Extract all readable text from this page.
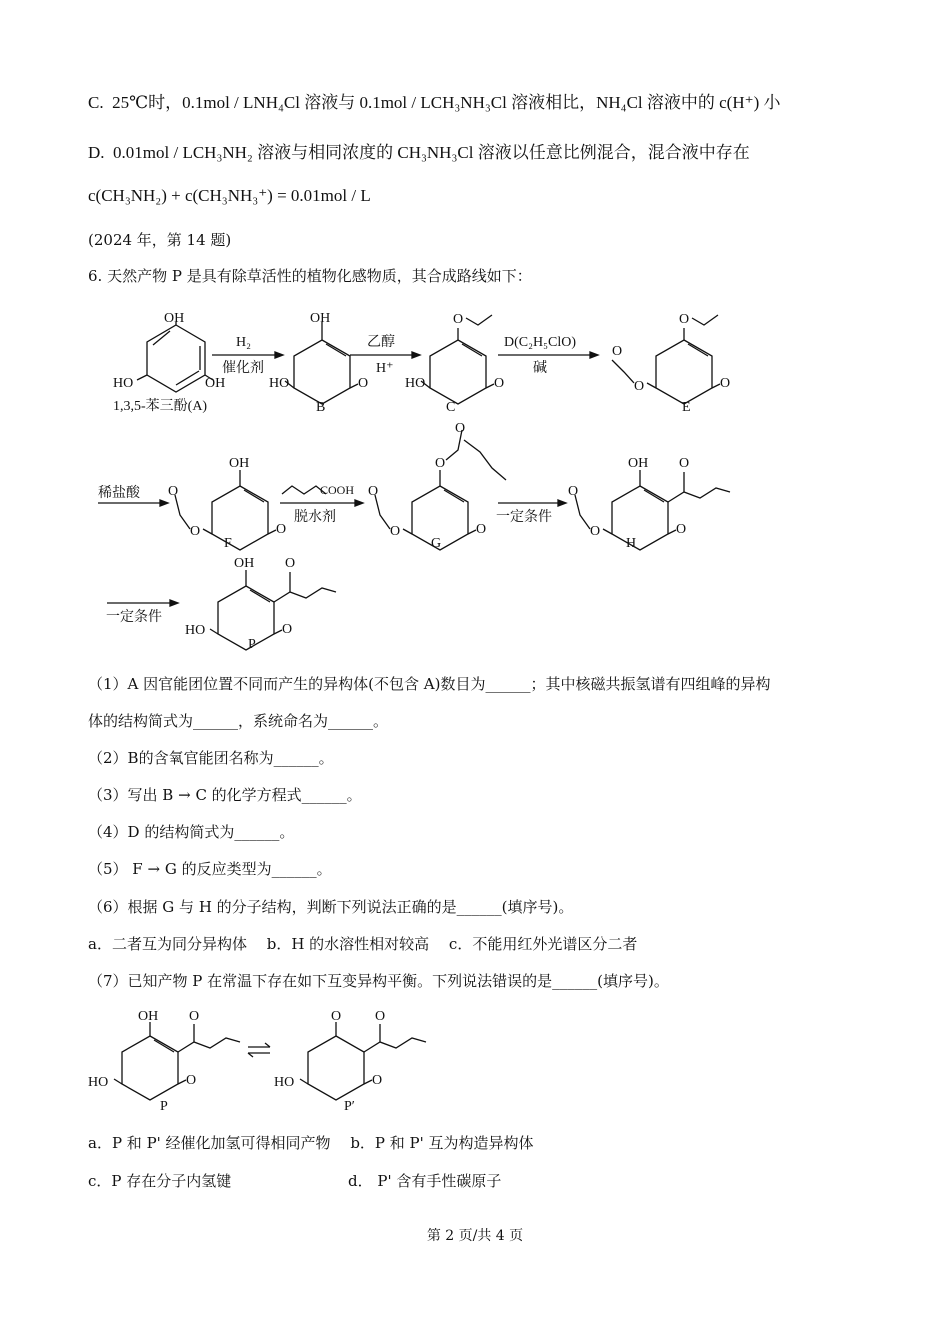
C. 25℃时，0.1mol / LNH₄Cl 溶液与 0.1mol / LCH₃NH₃Cl 溶液相比，NH₄Cl 溶液中的 c(H⁺) 小
D. 0.01mol / LCH₃NH₂ 溶液与相同浓度的 CH₃NH₃Cl 溶液以任意比例混合，混合液中存在
c(CH₃NH₂) + c(CH₃NH₃⁺) = 0.01mol / L
(2024 年，第 14 题)
6. 天然产物 P 是具有除草活性的植物化感物质，其合成路线如下：
OH
HO	OH
1,3,5-苯三酚(A)
H₂
催化剂
OH
HO	O
B
乙醇
H⁺
O
HO	O
C
D(C₂H₅ClO)
碱
O
O
O	O
E
稀盐酸
OH
O
O	O
F
COOH
脱水剂
O
O
O
O	O
G
一定条件
OH O
O
O	O
H
一定条件
OH O
HO	O
P
OH O
HO	O
P
O O
HO	O
P′
（1）A 因官能团位置不同而产生的异构体(不包含 A)数目为______；其中核磁共振氢谱有四组峰的异构
体的结构简式为______，系统命名为______。
（2）B的含氧官能团名称为______。
（3）写出 B → C 的化学方程式______。
（4）D 的结构简式为______。
（5） F → G 的反应类型为______。
（6）根据 G 与 H 的分子结构，判断下列说法正确的是______(填序号)。
a．二者互为同分异构体　 b．H 的水溶性相对较高　 c．不能用红外光谱区分二者
（7）已知产物 P 在常温下存在如下互变异构平衡。下列说法错误的是______(填序号)。
a．P 和 P' 经催化加氢可得相同产物　 b．P 和 P' 互为构造异构体
c．P 存在分子内氢键	d． P' 含有手性碳原子
第 2 页/共 4 页
